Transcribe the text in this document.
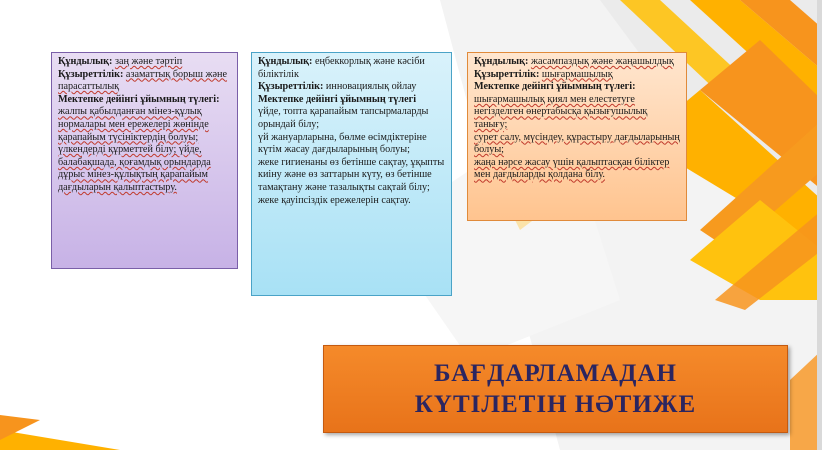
Құндылық: заң және тәртіп

Құзыреттілік: азаматтық борыш және парасаттылық

Мектепке дейінгі ұйымның түлегі:

жалпы қабылданған мінез-құлық нормалары мен ережелері жөнінде қарапайым түсініктердің болуы;

үлкендерді құрметтей білу; үйде, балабақшада, қоғамдық орындарда дұрыс мінез-құлықтың қарапайым дағдыларын қалыптастыру.

Құндылық: еңбеккорлық және кәсіби біліктілік

Құзыреттілік: инновациялық ойлау

Мектепке дейінгі ұйымның түлегі

үйде, топта қарапайым тапсырмаларды орындай білу;

үй жануарларына, бөлме өсімдіктеріне күтім жасау дағдыларының болуы;

жеке гигиенаны өз бетінше сақтау, ұқыпты киіну және өз заттарын күту, өз бетінше тамақтану және тазалықты сақтай білу; жеке қауіпсіздік ережелерін сақтау.

Құндылық: жасампаздық және жаңашылдық

Құзыреттілік: шығармашылық

Мектепке дейінгі ұйымның түлегі:

шығармашылық қиял мен елестетуге негізделген өнертабысқа қызығушылық танығу;

сурет салу, мүсіндеу, құрастыру дағдыларының болуы;

жаңа нәрсе жасау үшін қалыптасқан біліктер мен дағдыларды қолдана білу.

БАҒДАРЛАМАДАН
КҮТІЛЕТІН НӘТИЖЕ
